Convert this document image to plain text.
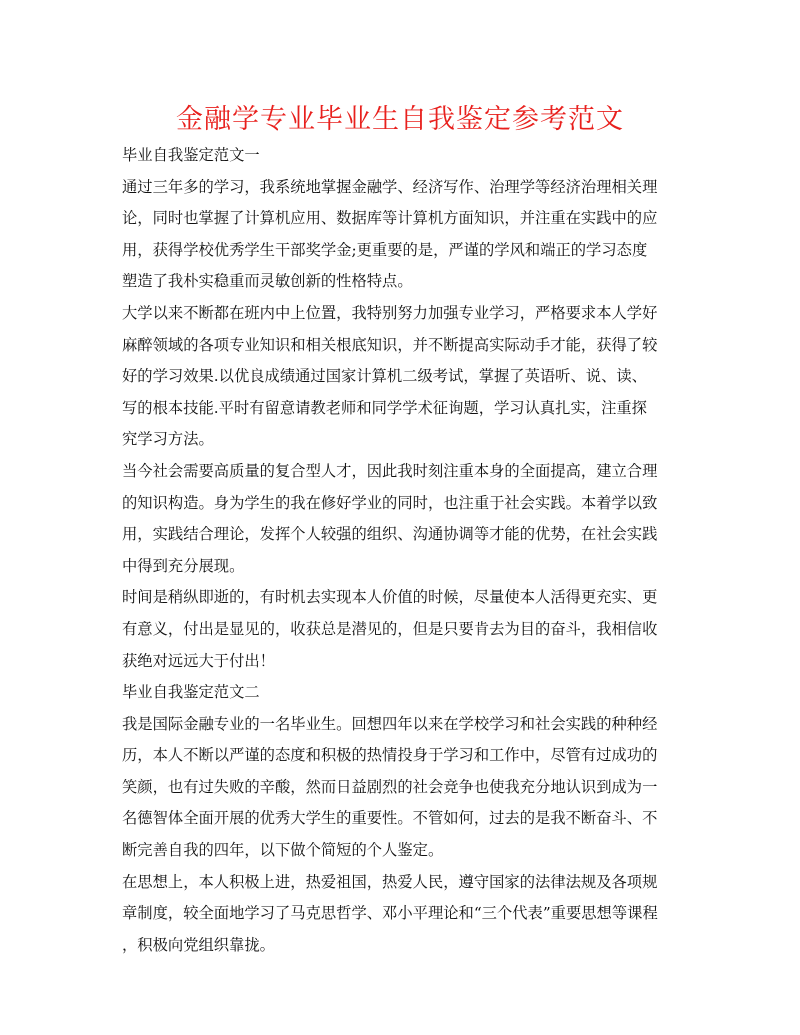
金融学专业毕业生自我鉴定参考范文
毕业自我鉴定范文一
通过三年多的学习，我系统地掌握金融学、经济写作、治理学等经济治理相关理
论，同时也掌握了计算机应用、数据库等计算机方面知识，并注重在实践中的应
用，获得学校优秀学生干部奖学金;更重要的是，严谨的学风和端正的学习态度
塑造了我朴实稳重而灵敏创新的性格特点。
大学以来不断都在班内中上位置，我特别努力加强专业学习，严格要求本人学好
麻醉领域的各项专业知识和相关根底知识，并不断提高实际动手才能，获得了较
好的学习效果.以优良成绩通过国家计算机二级考试，掌握了英语听、说、读、
写的根本技能.平时有留意请教老师和同学学术征询题，学习认真扎实，注重探
究学习方法。
当今社会需要高质量的复合型人才，因此我时刻注重本身的全面提高，建立合理
的知识构造。身为学生的我在修好学业的同时，也注重于社会实践。本着学以致
用，实践结合理论，发挥个人较强的组织、沟通协调等才能的优势，在社会实践
中得到充分展现。
时间是稍纵即逝的，有时机去实现本人价值的时候，尽量使本人活得更充实、更
有意义，付出是显见的，收获总是潜见的，但是只要肯去为目的奋斗，我相信收
获绝对远远大于付出！
毕业自我鉴定范文二
我是国际金融专业的一名毕业生。回想四年以来在学校学习和社会实践的种种经
历，本人不断以严谨的态度和积极的热情投身于学习和工作中，尽管有过成功的
笑颜，也有过失败的辛酸，然而日益剧烈的社会竞争也使我充分地认识到成为一
名德智体全面开展的优秀大学生的重要性。不管如何，过去的是我不断奋斗、不
断完善自我的四年，以下做个简短的个人鉴定。
在思想上，本人积极上进，热爱祖国，热爱人民，遵守国家的法律法规及各项规
章制度，较全面地学习了马克思哲学、邓小平理论和“三个代表”重要思想等课程
，积极向党组织靠拢。
